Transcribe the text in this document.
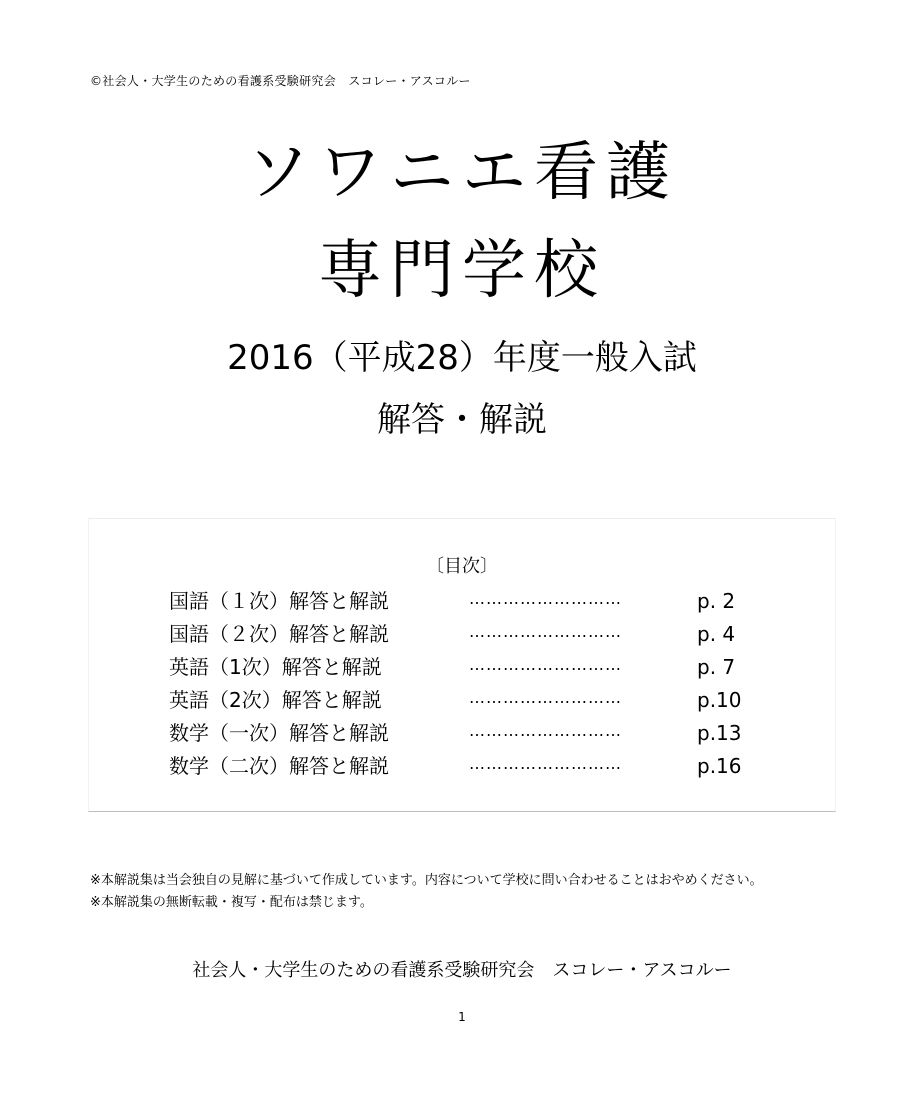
©社会人・大学生のための看護系受験研究会　スコレー・アスコルー
ソワニエ看護
専門学校
2016（平成28）年度一般入試
解答・解説
〔目次〕
国語（１次）解答と解説	………………………	p. 2
国語（２次）解答と解説	………………………	p. 4
英語（1次）解答と解説	………………………	p. 7
英語（2次）解答と解説	………………………	p.10
数学（一次）解答と解説	………………………	p.13
数学（二次）解答と解説	………………………	p.16

※本解説集は当会独自の見解に基づいて作成しています。内容について学校に問い合わせることはおやめください。

※本解説集の無断転載・複写・配布は禁じます。

社会人・大学生のための看護系受験研究会　スコレー・アスコルー
1
